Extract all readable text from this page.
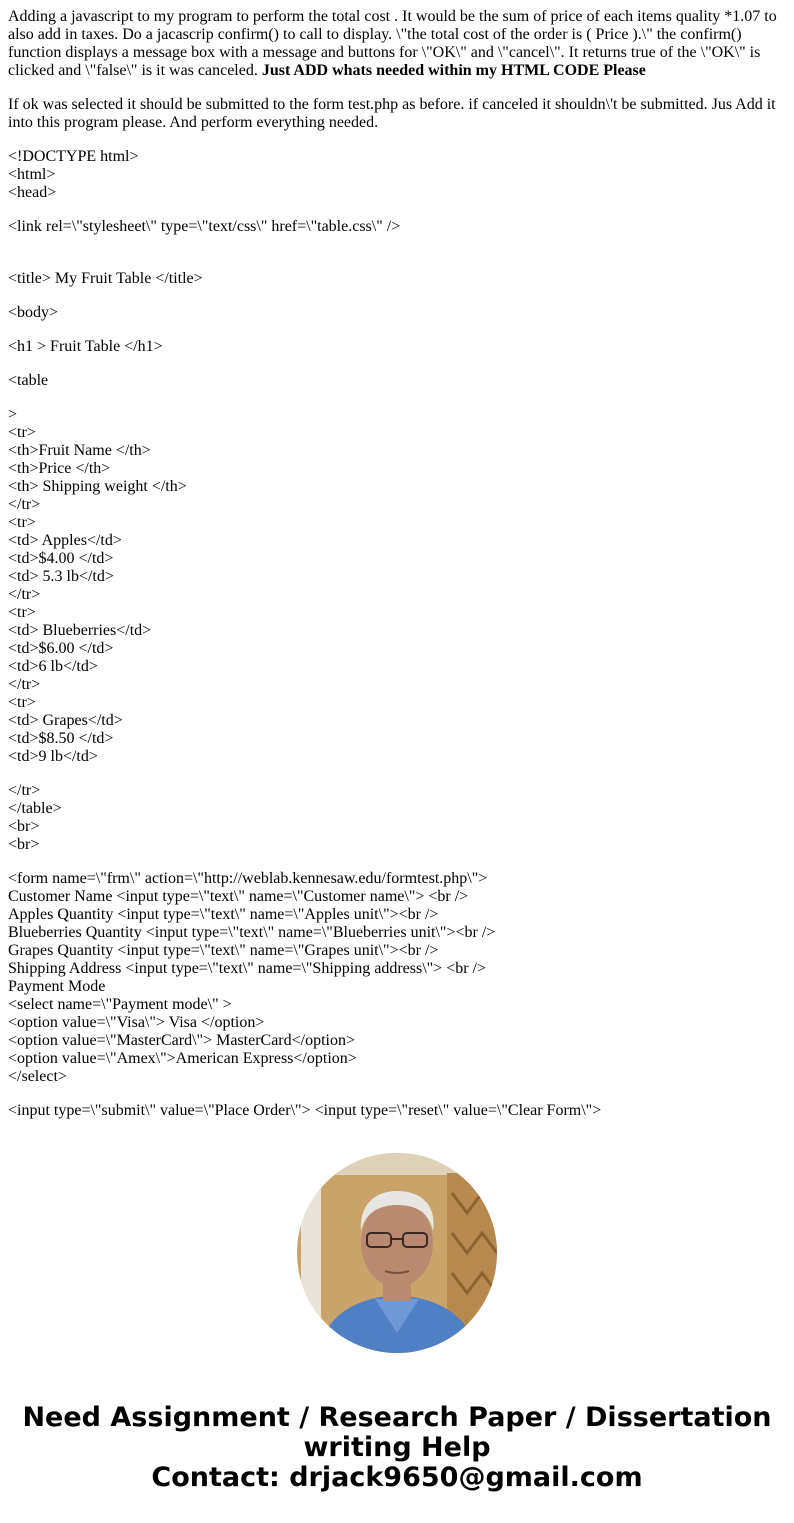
Adding a javascript to my program to perform the total cost . It would be the sum of price of each items quality *1.07 to also add in taxes. Do a jacascrip confirm() to call to display. \"the total cost of the order is ( Price ).\" the confirm() function displays a message box with a message and buttons for \"OK\" and \"cancel\". It returns true of the \"OK\" is clicked and \"false\" is it was canceled. Just ADD whats needed within my HTML CODE Please

If ok was selected it should be submitted to the form test.php as before. if canceled it shouldn\'t be submitted. Jus Add it into this program please. And perform everything needed.

<!DOCTYPE html>
<html>
<head>
<link rel=\"stylesheet\" type=\"text/css\" href=\"table.css\" />
<title> My Fruit Table </title>
<body>
<h1 > Fruit Table </h1>
<table
>
<tr>
<th>Fruit Name </th>
<th>Price </th>
<th> Shipping weight </th>
</tr>
<tr>
<td> Apples</td>
<td>$4.00 </td>
<td> 5.3 lb</td>
</tr>
<tr>
<td> Blueberries</td>
<td>$6.00 </td>
<td>6 lb</td>
</tr>
<tr>
<td> Grapes</td>
<td>$8.50 </td>
<td>9 lb</td>
</tr>
</table>
<br>
<br>
<form name=\"frm\" action=\"http://weblab.kennesaw.edu/formtest.php\">
Customer Name <input type=\"text\" name=\"Customer name\"> <br />
Apples Quantity <input type=\"text\" name=\"Apples unit\"><br />
Blueberries Quantity <input type=\"text\" name=\"Blueberries unit\"><br />
Grapes Quantity <input type=\"text\" name=\"Grapes unit\"><br />
Shipping Address <input type=\"text\" name=\"Shipping address\"> <br />
Payment Mode
<select name=\"Payment mode\" >
<option value=\"Visa\"> Visa </option>
<option value=\"MasterCard\"> MasterCard</option>
<option value=\"Amex\">American Express</option>
</select>
<input type=\"submit\" value=\"Place Order\"> <input type=\"reset\" value=\"Clear Form\">
Need Assignment / Research Paper / Dissertation
writing Help
Contact: drjack9650@gmail.com
